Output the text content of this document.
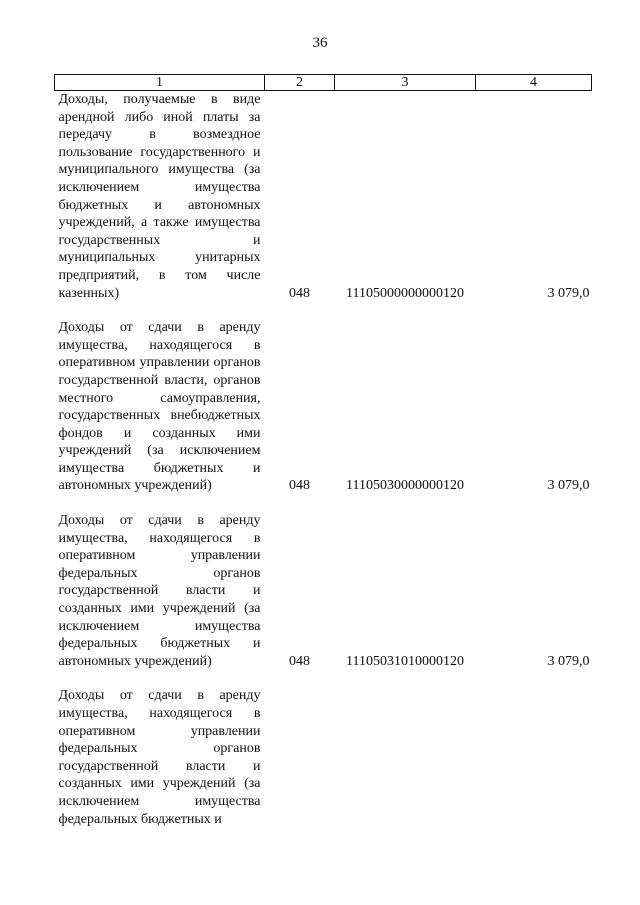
36
1	2	3	4
Доходы, получаемые в виде арендной либо иной платы за передачу в возмездное пользование государственного и муниципального имущества (за исключением имущества бюджетных и автономных учреждений, а также имущества государственных и муниципальных унитарных предприятий, в том числе казенных)	048	11105000000000120	3 079,0

Доходы от сдачи в аренду имущества, находящегося в оперативном управлении органов государственной власти, органов местного самоуправления, государственных внебюджетных фондов и созданных ими учреждений (за исключением имущества бюджетных и автономных учреждений)	048	11105030000000120	3 079,0

Доходы от сдачи в аренду имущества, находящегося в оперативном управлении федеральных органов государственной власти и созданных ими учреждений (за исключением имущества федеральных бюджетных и автономных учреждений)	048	11105031010000120	3 079,0

Доходы от сдачи в аренду имущества, находящегося в оперативном управлении федеральных органов государственной власти и созданных ими учреждений (за исключением имущества федеральных бюджетных и			
